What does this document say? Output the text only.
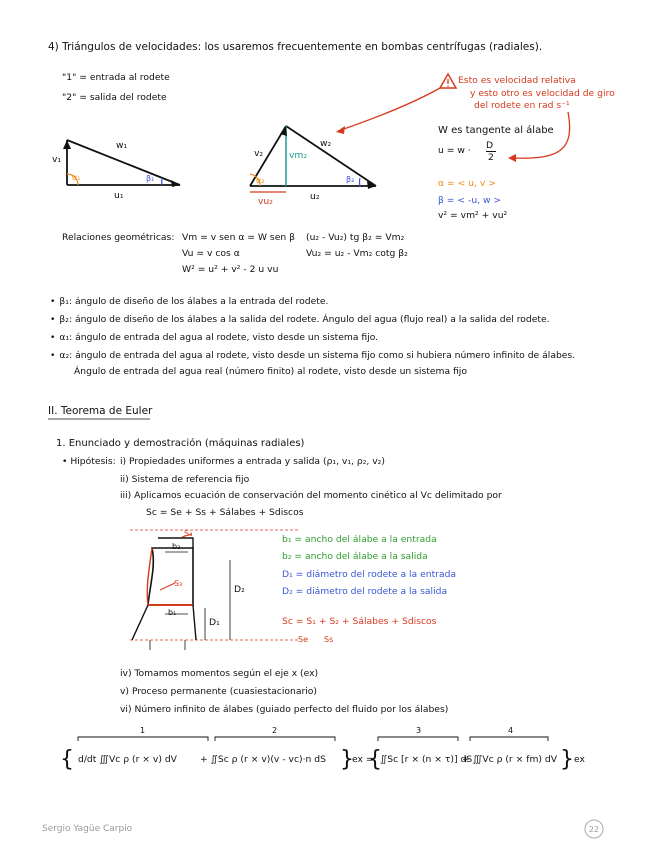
4) Triángulos de velocidades: los usaremos frecuentemente en bombas centrífugas (radiales).
"1" = entrada al rodete
"2" = salida del rodete
Esto es velocidad relativa
y esto otro es velocidad de giro
del rodete en rad s⁻¹
W es tangente al álabe
u = w · D
2
α = < u, v >
β = < -u, w >
v² = vm² + vu²
v₁
w₁
u₁
α₁	β₁
v₂
w₂
u₂
vm₂
vu₂
α₂	β₂
Relaciones geométricas: Vm = v sen α = W sen β
Vu = v cos α
W² = u² + v² - 2 u vu
(u₂ - Vu₂) tg β₂ = Vm₂
Vu₂ = u₂ - Vm₂ cotg β₂
• β₁: ángulo de diseño de los álabes a la entrada del rodete.
• β₂: ángulo de diseño de los álabes a la salida del rodete. Ángulo del agua (flujo real) a la salida del rodete.
• α₁: ángulo de entrada del agua al rodete, visto desde un sistema fijo.
• α₂: ángulo de entrada del agua al rodete, visto desde un sistema fijo como si hubiera número infinito de álabes.
Ángulo de entrada del agua real (número finito) al rodete, visto desde un sistema fijo
II. Teorema de Euler
1. Enunciado y demostración (máquinas radiales)
• Hipótesis: i) Propiedades uniformes a entrada y salida (ρ₁, v₁, ρ₂, v₂)
ii) Sistema de referencia fijo
iii) Aplicamos ecuación de conservación del momento cinético al Vc delimitado por
Sc = Se + Ss + Sálabes + Sdiscos
b₂
b₁
S₄
S₃
D₂
D₁
b₁ = ancho del álabe a la entrada
b₂ = ancho del álabe a la salida
D₁ = diámetro del rodete a la entrada
D₂ = diámetro del rodete a la salida
Sc = S₁ + S₂ + Sálabes + Sdiscos
Se Ss
iv) Tomamos momentos según el eje x (ex)
v) Proceso permanente (cuasiestacionario)
vi) Número infinito de álabes (guiado perfecto del fluido por los álabes)
1	2	3	4
{ d/dt ∭Vc ρ (r × v) dV	+ ∬Sc ρ (r × v)(v - vc)·n dS }
ex =
{
∬Sc [r × (n × τ)] dS
+ ∭Vc ρ (r × fm) dV } ex
Sergio Yagüe Carpio	22
